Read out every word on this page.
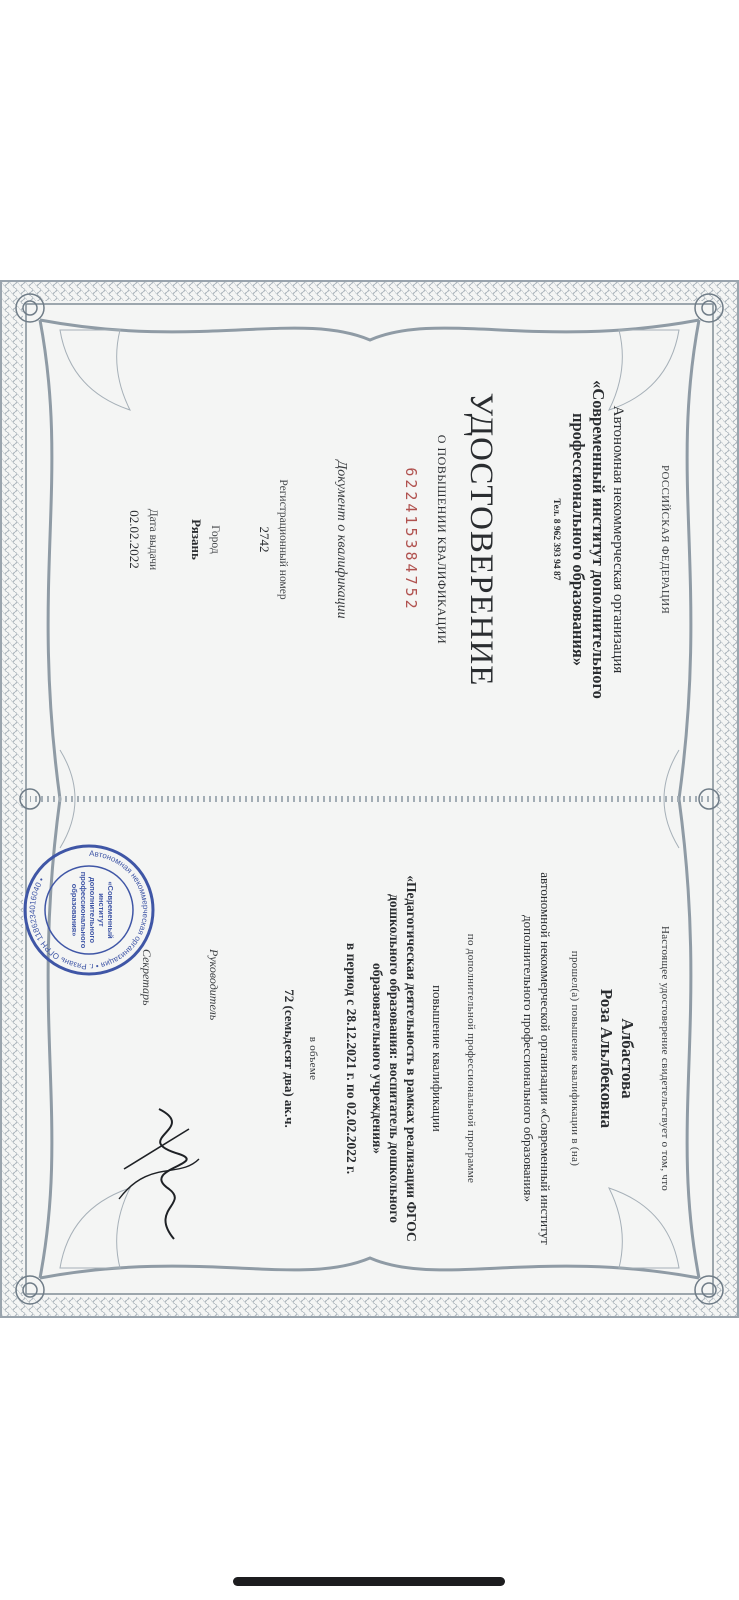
РОССИЙСКАЯ ФЕДЕРАЦИЯ

Автономная некоммерческая организация

«Современный институт дополнительного

профессионального образования»

Тел. 8 962 393 94 87

УДОСТОВЕРЕНИЕ

О ПОВЫШЕНИИ КВАЛИФИКАЦИИ

622415384752

Документ о квалификации

Регистрационный номер

2742

Город

Рязань

Дата выдачи

02.02.2022

Настоящее удостоверение свидетельствует о том, что

Албастова

Роза Альлбековна

прошел(а) повышение квалификации в (на)

автономной некоммерческой организации «Современный институт

дополнительного профессионального образования»

по дополнительной профессиональной программе

повышение квалификации

«Педагогическая деятельность в рамках реализации ФГОС

дошкольного образования: воспитатель дошкольного

образовательного учреждения»

в период с 28.12.2021 г. по 02.02.2022 г.

в объеме

72 (семьдесят два) ак.ч.

Руководитель
Секретарь
Автономная некоммерческая организация • г. Рязань ОГРН 1186234016040 •
«Современный институт дополнительного профессионального образования»
